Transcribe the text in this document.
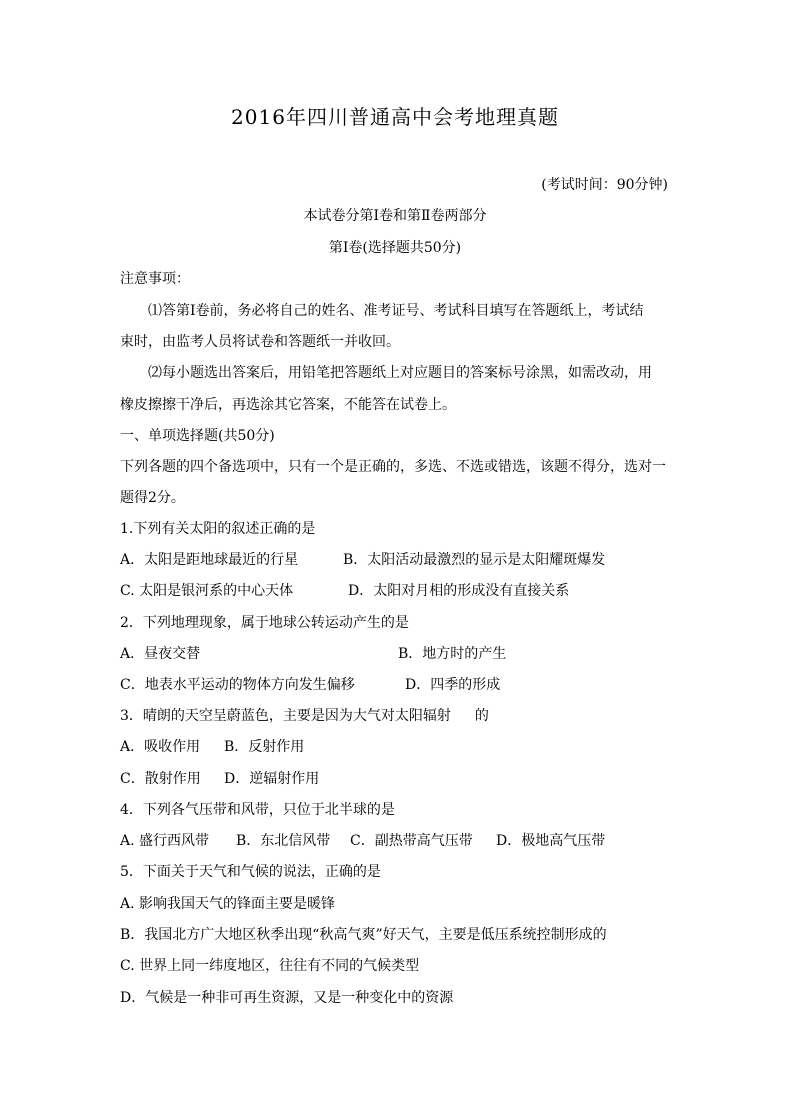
2016年四川普通高中会考地理真题
(考试时间：90分钟)
本试卷分第Ⅰ卷和第Ⅱ卷两部分
第Ⅰ卷(选择题共50分)
注意事项：
⑴答第Ⅰ卷前，务必将自己的姓名、准考证号、考试科目填写在答题纸上，考试结
束时，由监考人员将试卷和答题纸一并收回。
⑵每小题选出答案后，用铅笔把答题纸上对应题目的答案标号涂黑，如需改动，用
橡皮擦擦干净后，再选涂其它答案，不能答在试卷上。
一、单项选择题(共50分)
下列各题的四个备选项中，只有一个是正确的，多选、不选或错选，该题不得分，选对一
题得2分。
1.下列有关太阳的叙述正确的是
A．太阳是距地球最近的行星	B．太阳活动最激烈的显示是太阳耀斑爆发
C. 太阳是银河系的中心天体	D．太阳对月相的形成没有直接关系
2．下列地理现象，属于地球公转运动产生的是
A．昼夜交替	B．地方时的产生
C．地表水平运动的物体方向发生偏移	D．四季的形成
3．晴朗的天空呈蔚蓝色，主要是因为大气对太阳辐射 的
A．吸收作用 B．反射作用
C．散射作用 D．逆辐射作用
4．下列各气压带和风带，只位于北半球的是
A. 盛行西风带 B．东北信风带 C．副热带高气压带 D．极地高气压带
5．下面关于天气和气候的说法，正确的是
A. 影响我国天气的锋面主要是暖锋
B．我国北方广大地区秋季出现“秋高气爽”好天气，主要是低压系统控制形成的
C. 世界上同一纬度地区，往往有不同的气候类型
D．气候是一种非可再生资源，又是一种变化中的资源
